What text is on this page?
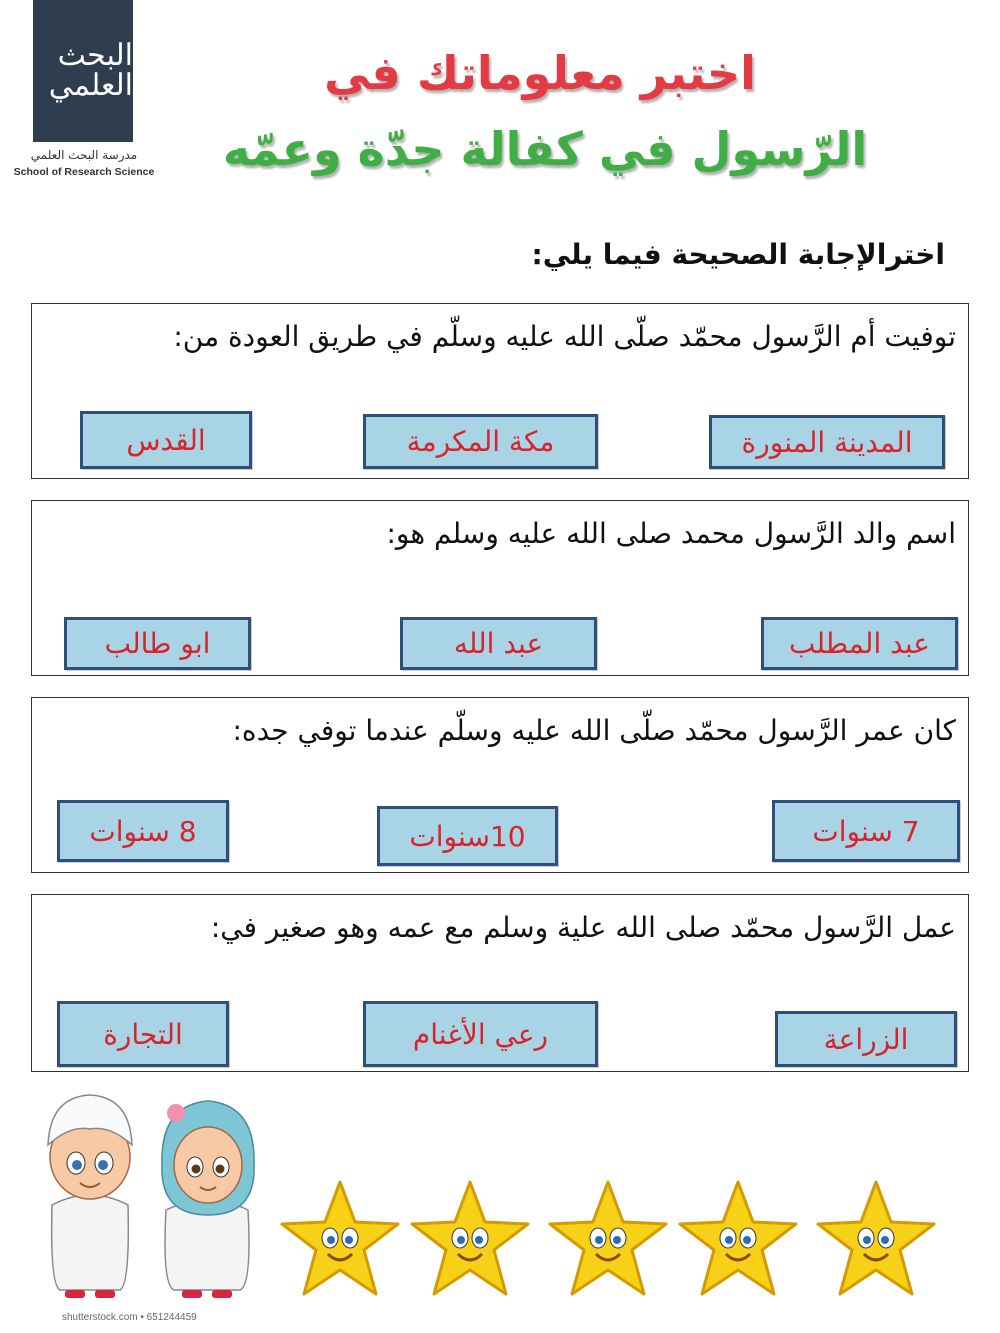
البحث العلمي
مدرسة البحث العلمي
School of Research Science
اختبر معلوماتك في
الرّسول في كفالة جدّة وعمّه
اخترالإجابة الصحيحة فيما يلي:
توفيت أم الرَّسول محمّد صلّى الله عليه وسلّم في طريق العودة من:
المدينة المنورة
مكة المكرمة
القدس
اسم والد الرَّسول محمد صلى الله عليه وسلم هو:
عبد المطلب
عبد الله
ابو طالب
كان عمر الرَّسول محمّد صلّى الله عليه وسلّم عندما توفي جده:
7 سنوات
10سنوات
8 سنوات
عمل الرَّسول محمّد صلى الله علية وسلم مع عمه وهو صغير في:
الزراعة
رعي الأغنام
التجارة
shutterstock.com • 651244459
